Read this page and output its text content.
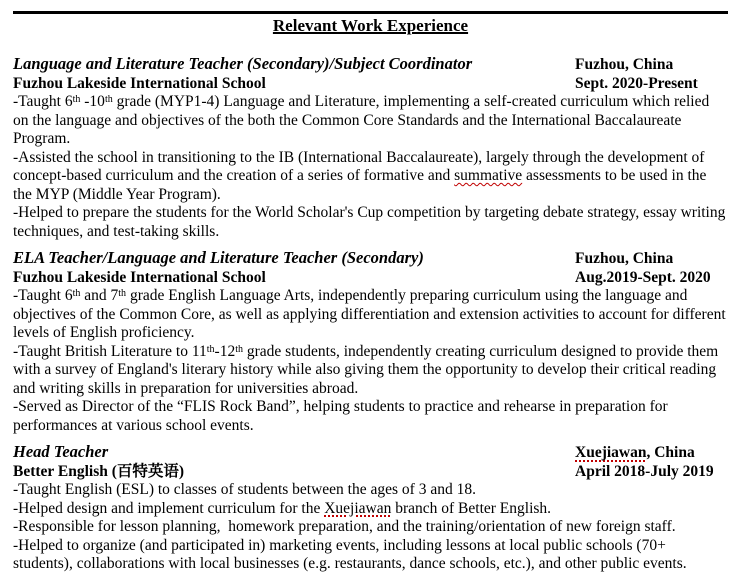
Relevant Work Experience
Language and Literature Teacher (Secondary)/Subject Coordinator	Fuzhou, China
Fuzhou Lakeside International School	Sept. 2020-Present

-Taught 6th -10th grade (MYP1-4) Language and Literature, implementing a self-created curriculum which relied on the language and objectives of the both the Common Core Standards and the International Baccalaureate Program.

-Assisted the school in transitioning to the IB (International Baccalaureate), largely through the development of concept-based curriculum and the creation of a series of formative and summative assessments to be used in the the MYP (Middle Year Program).

-Helped to prepare the students for the World Scholar's Cup competition by targeting debate strategy, essay writing techniques, and test-taking skills.

ELA Teacher/Language and Literature Teacher (Secondary)	Fuzhou, China
Fuzhou Lakeside International School	Aug.2019-Sept. 2020

-Taught 6th and 7th grade English Language Arts, independently preparing curriculum using the language and objectives of the Common Core, as well as applying differentiation and extension activities to account for different levels of English proficiency.

-Taught British Literature to 11th-12th grade students, independently creating curriculum designed to provide them with a survey of England's literary history while also giving them the opportunity to develop their critical reading and writing skills in preparation for universities abroad.

-Served as Director of the “FLIS Rock Band”, helping students to practice and rehearse in preparation for performances at various school events.

Head Teacher	Xuejiawan, China
Better English (百特英语)	April 2018-July 2019

-Taught English (ESL) to classes of students between the ages of 3 and 18.

-Helped design and implement curriculum for the Xuejiawan branch of Better English.

-Responsible for lesson planning,  homework preparation, and the training/orientation of new foreign staff.

-Helped to organize (and participated in) marketing events, including lessons at local public schools (70+ students), collaborations with local businesses (e.g. restaurants, dance schools, etc.), and other public events.
